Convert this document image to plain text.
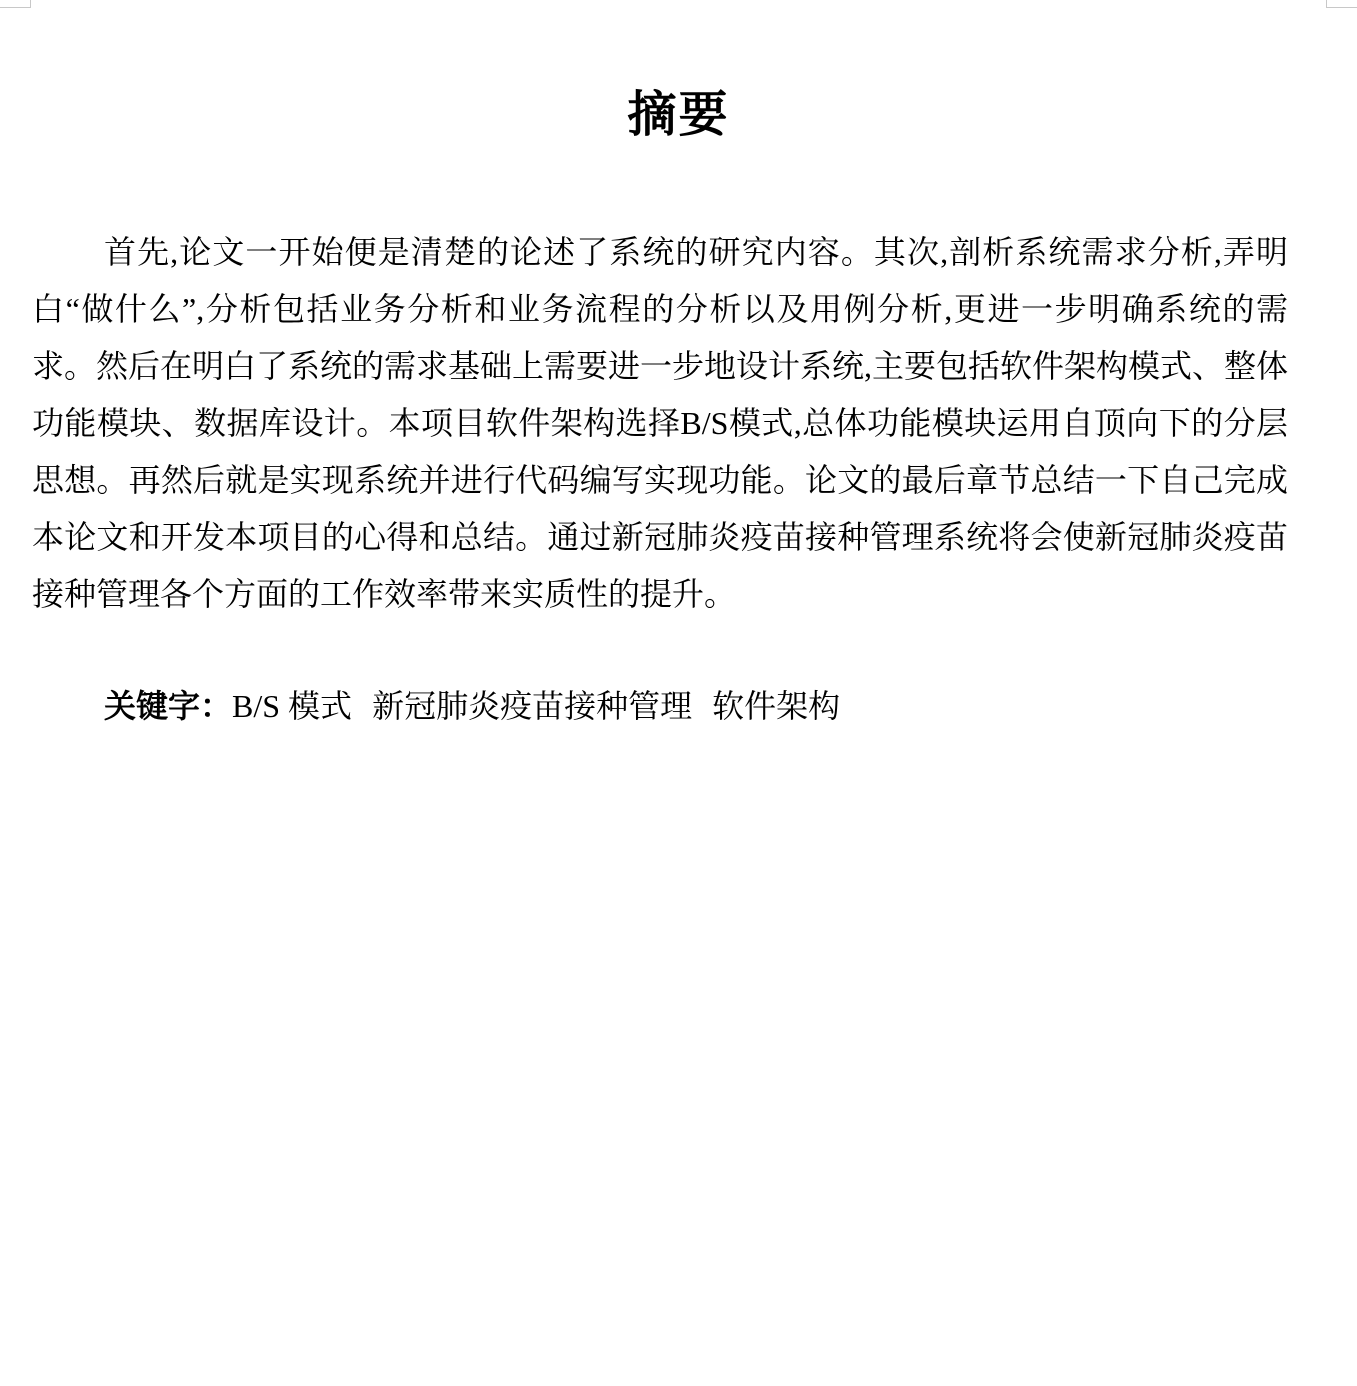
摘要

首先,论文一开始便是清楚的论述了系统的研究内容。其次,剖析系统需求分析,弄明白“做什么”,分析包括业务分析和业务流程的分析以及用例分析,更进一步明确系统的需求。然后在明白了系统的需求基础上需要进一步地设计系统,主要包括软件架构模式、整体功能模块、数据库设计。本项目软件架构选择B/S模式,总体功能模块运用自顶向下的分层思想。再然后就是实现系统并进行代码编写实现功能。论文的最后章节总结一下自己完成本论文和开发本项目的心得和总结。通过新冠肺炎疫苗接种管理系统将会使新冠肺炎疫苗接种管理各个方面的工作效率带来实质性的提升。

关键字：B/S 模式 新冠肺炎疫苗接种管理 软件架构
